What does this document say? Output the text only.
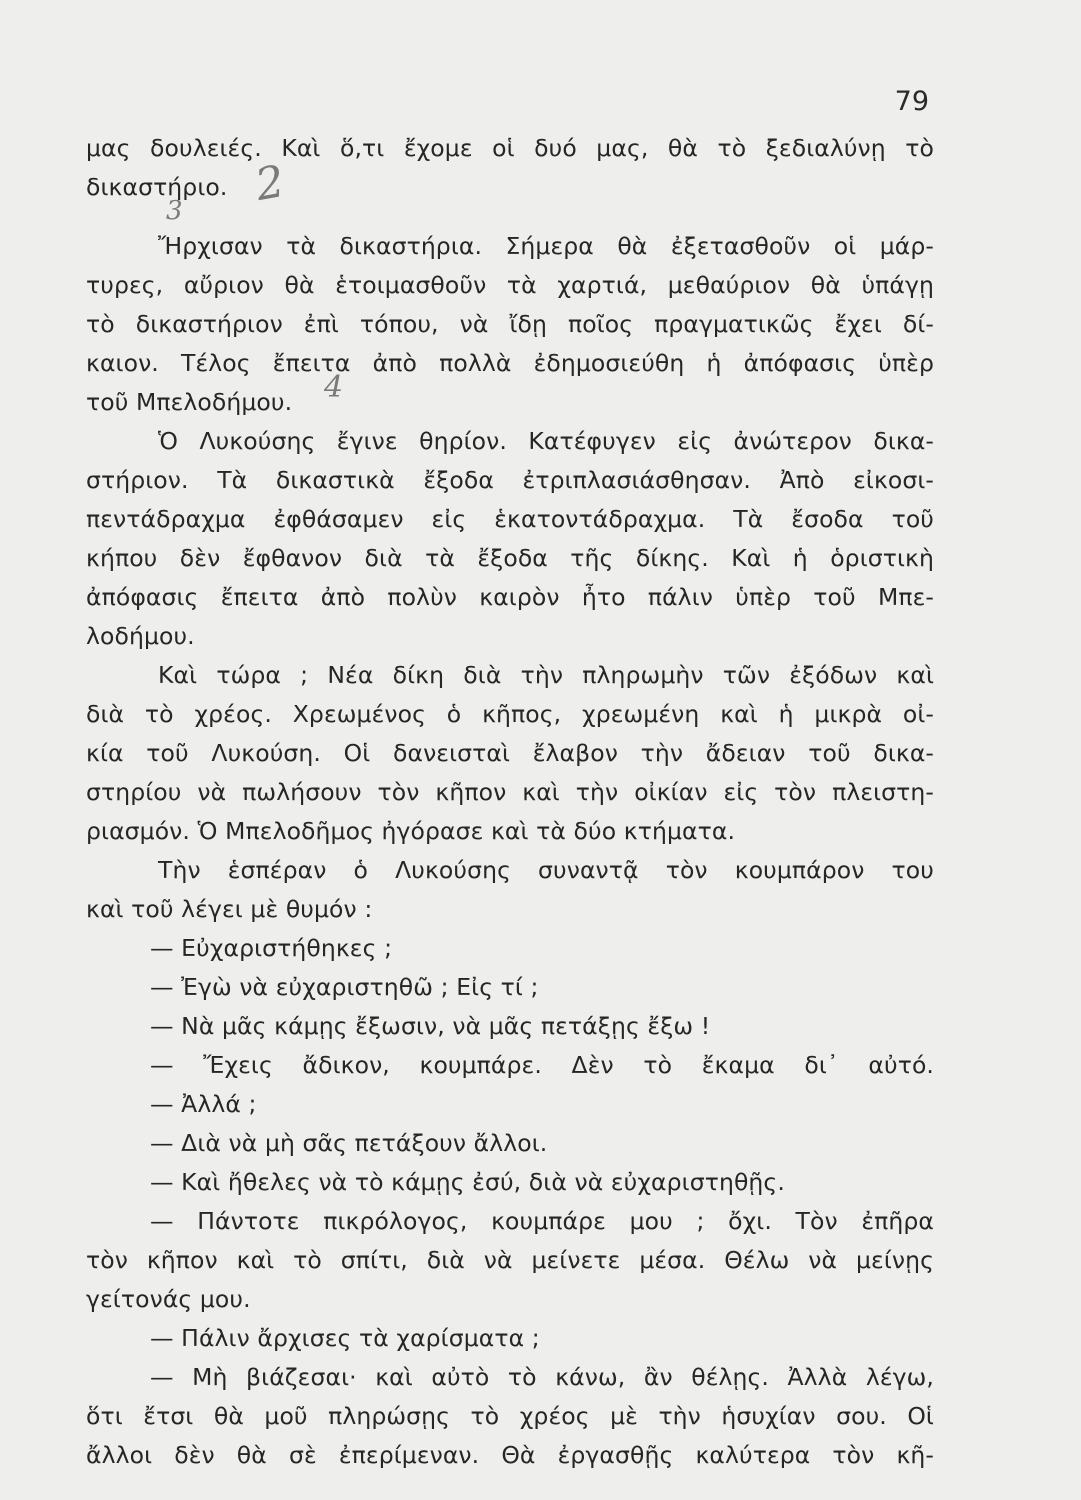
79
2
3
4
μας δουλειές. Καὶ ὅ,τι ἔχομε οἱ δυό μας, θὰ τὸ ξεδιαλύνῃ τὸ
δικαστήριο.
Ἤρχισαν τὰ δικαστήρια. Σήμερα θὰ ἐξετασθοῦν οἱ μάρ-
τυρες, αὔριον θὰ ἑτοιμασθοῦν τὰ χαρτιά, μεθαύριον θὰ ὑπάγῃ
τὸ δικαστήριον ἐπὶ τόπου, νὰ ἴδῃ ποῖος πραγματικῶς ἔχει δί-
καιον. Τέλος ἔπειτα ἀπὸ πολλὰ ἐδημοσιεύθη ἡ ἀπόφασις ὑπὲρ
τοῦ Μπελοδήμου.
Ὁ Λυκούσης ἔγινε θηρίον. Κατέφυγεν εἰς ἀνώτερον δικα-
στήριον. Τὰ δικαστικὰ ἔξοδα ἐτριπλασιάσθησαν. Ἀπὸ εἰκοσι-
πεντάδραχμα ἐφθάσαμεν εἰς ἑκατοντάδραχμα. Τὰ ἔσοδα τοῦ
κήπου δὲν ἔφθανον διὰ τὰ ἔξοδα τῆς δίκης. Καὶ ἡ ὁριστικὴ
ἀπόφασις ἔπειτα ἀπὸ πολὺν καιρὸν ἦτο πάλιν ὑπὲρ τοῦ Μπε-
λοδήμου.
Καὶ τώρα ; Νέα δίκη διὰ τὴν πληρωμὴν τῶν ἐξόδων καὶ
διὰ τὸ χρέος. Χρεωμένος ὁ κῆπος, χρεωμένη καὶ ἡ μικρὰ οἰ-
κία τοῦ Λυκούση. Οἱ δανεισταὶ ἔλαβον τὴν ἄδειαν τοῦ δικα-
στηρίου νὰ πωλήσουν τὸν κῆπον καὶ τὴν οἰκίαν εἰς τὸν πλειστη-
ριασμόν. Ὁ Μπελοδῆμος ἠγόρασε καὶ τὰ δύο κτήματα.
Τὴν ἑσπέραν ὁ Λυκούσης συναντᾷ τὸν κουμπάρον του
καὶ τοῦ λέγει μὲ θυμόν :
— Εὐχαριστήθηκες ;
— Ἐγὼ νὰ εὐχαριστηθῶ ; Εἰς τί ;
— Νὰ μᾶς κάμῃς ἔξωσιν, νὰ μᾶς πετάξῃς ἔξω !
— Ἔχεις ἄδικον, κουμπάρε. Δὲν τὸ ἔκαμα δι᾿ αὐτό.
— Ἀλλά ;
— Διὰ νὰ μὴ σᾶς πετάξουν ἄλλοι.
— Καὶ ἤθελες νὰ τὸ κάμῃς ἐσύ, διὰ νὰ εὐχαριστηθῇς.
— Πάντοτε πικρόλογος, κουμπάρε μου ; ὄχι. Τὸν ἐπῆρα
τὸν κῆπον καὶ τὸ σπίτι, διὰ νὰ μείνετε μέσα. Θέλω νὰ μείνῃς
γείτονάς μου.
— Πάλιν ἄρχισες τὰ χαρίσματα ;
— Μὴ βιάζεσαι· καὶ αὐτὸ τὸ κάνω, ἂν θέλῃς. Ἀλλὰ λέγω,
ὅτι ἔτσι θὰ μοῦ πληρώσῃς τὸ χρέος μὲ τὴν ἡσυχίαν σου. Οἱ
ἄλλοι δὲν θὰ σὲ ἐπερίμεναν. Θὰ ἐργασθῇς καλύτερα τὸν κῆ-
